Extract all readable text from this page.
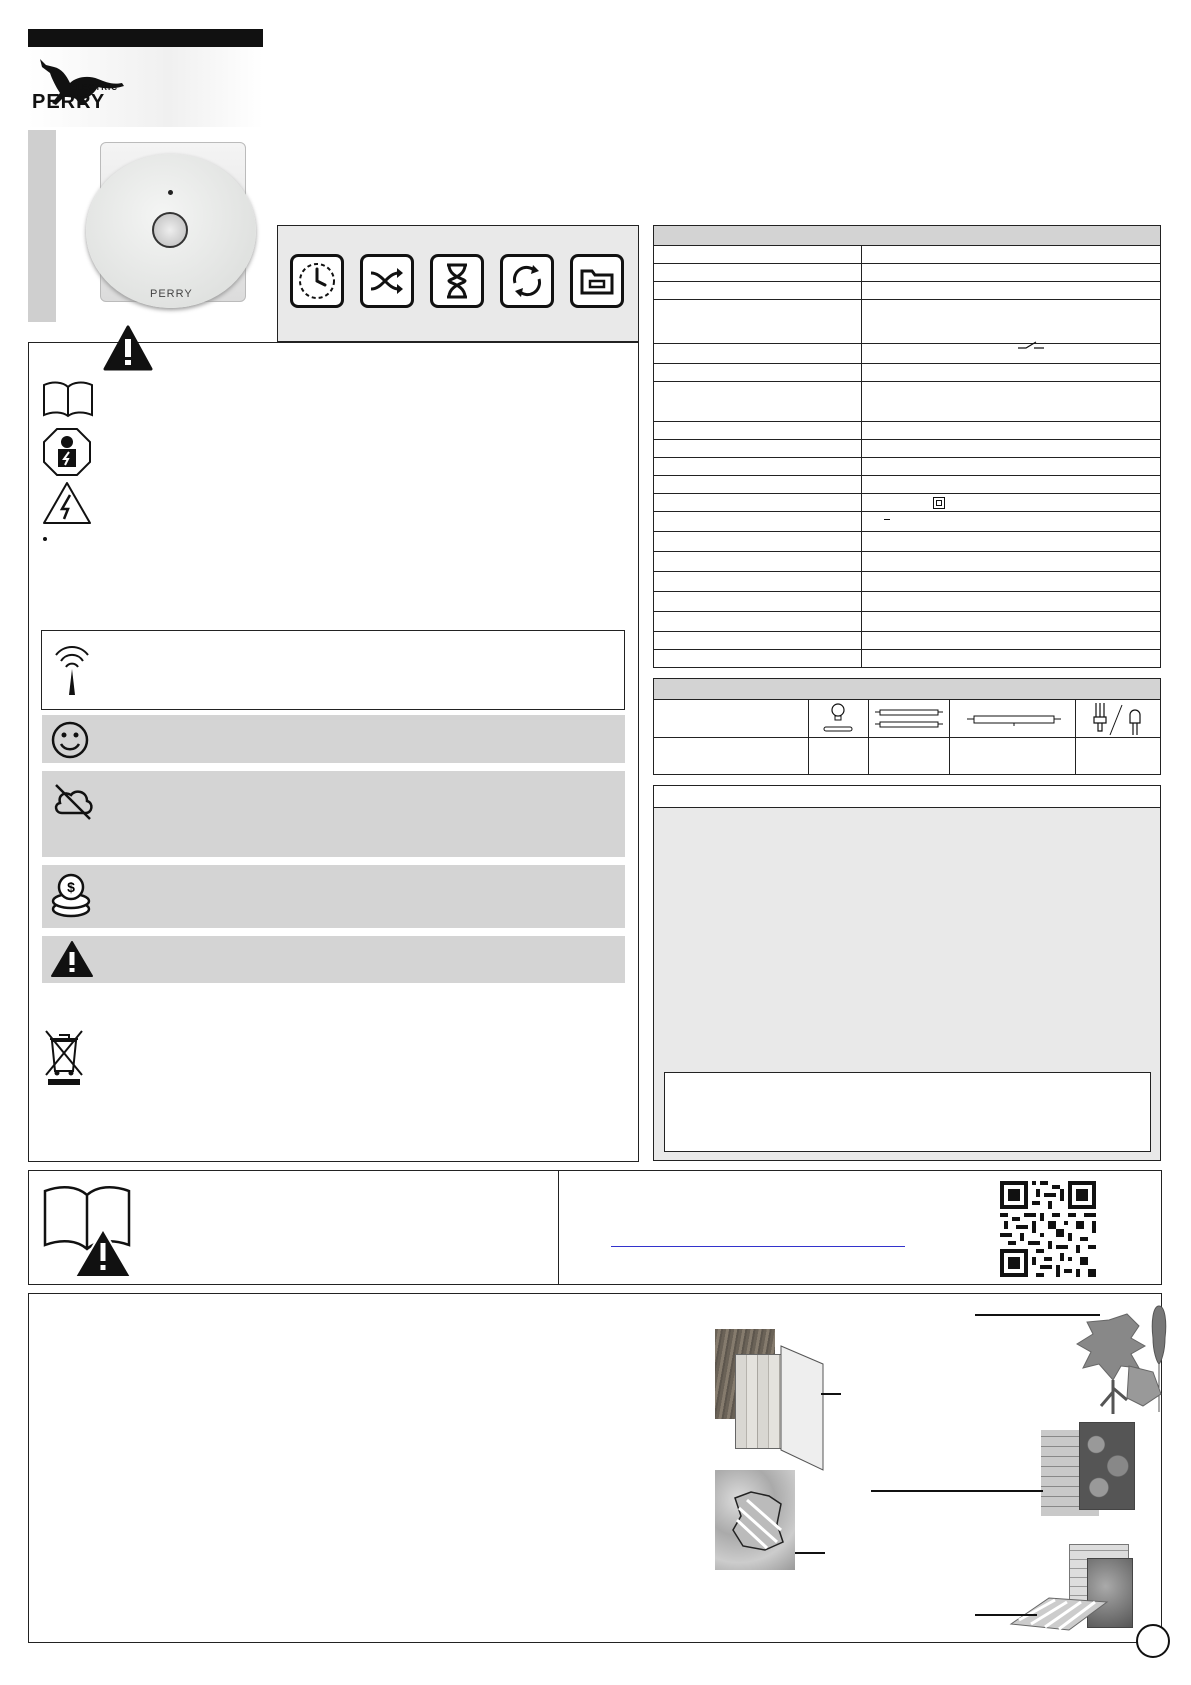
ELECTRIC
PERRY
PERRY
$
